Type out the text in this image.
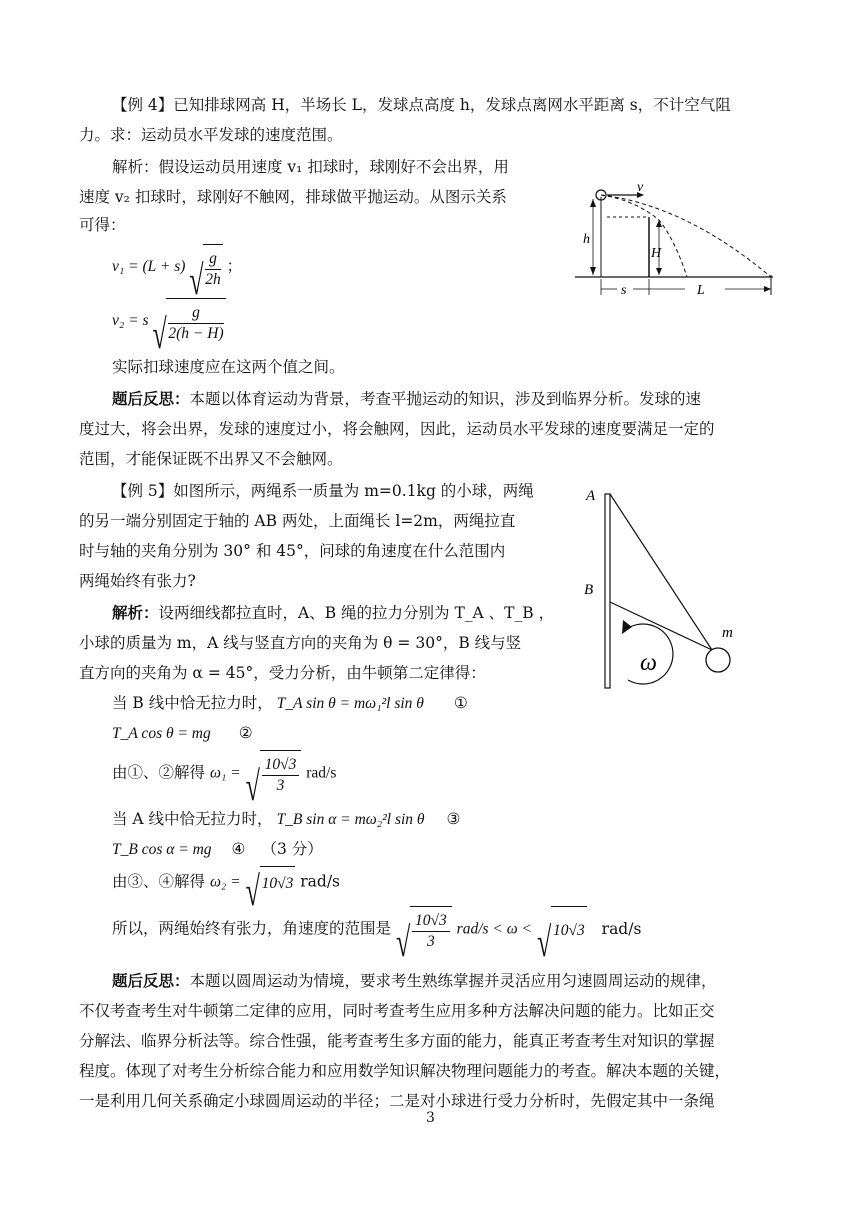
【例 4】已知排球网高 H，半场长 L，发球点高度 h，发球点离网水平距离 s，不计空气阻
力。求：运动员水平发球的速度范围。
解析：假设运动员用速度 v₁ 扣球时，球刚好不会出界，用
速度 v₂ 扣球时，球刚好不触网，排球做平抛运动。从图示关系
可得：
v₁ = (L + s) √ $\frac{g}{2h}$ ；
v₂ = s √ $\frac{g}{2(h - H)}$
实际扣球速度应在这两个值之间。
题后反思：本题以体育运动为背景，考查平抛运动的知识，涉及到临界分析。发球的速
度过大，将会出界，发球的速度过小，将会触网，因此，运动员水平发球的速度要满足一定的
范围，才能保证既不出界又不会触网。
v
h
H
s	L
【例 5】如图所示，两绳系一质量为 m=0.1kg 的小球，两绳
的另一端分别固定于轴的 AB 两处，上面绳长 l=2m，两绳拉直
时与轴的夹角分别为 30° 和 45°，问球的角速度在什么范围内
两绳始终有张力?
解析：设两细线都拉直时，A、B 绳的拉力分别为 T_A 、T_B ，
小球的质量为 m，A 线与竖直方向的夹角为 θ = 30°，B 线与竖
直方向的夹角为 α = 45°，受力分析，由牛顿第二定律得：
当 B 线中恰无拉力时， T_A sin θ = mω₁²l sin θ ①
T_A cos θ = mg ②
由①、②解得 ω₁ = √ $\frac{10√3}{3} rad/s$
当 A 线中恰无拉力时， T_B sin α = mω₂²l sin θ ③
T_B cos α = mg ④ （3 分）
由③、④解得 ω₂ = √ 10√3 rad/s
所以，两绳始终有张力，角速度的范围是 √ $\frac{10√3}{3} rad/s < \omega$ < √ 10√3 rad/s
题后反思：本题以圆周运动为情境，要求考生熟练掌握并灵活应用匀速圆周运动的规律，
不仅考查考生对牛顿第二定律的应用，同时考查考生应用多种方法解决问题的能力。比如正交
分解法、临界分析法等。综合性强，能考查考生多方面的能力，能真正考查考生对知识的掌握
程度。体现了对考生分析综合能力和应用数学知识解决物理问题能力的考查。解决本题的关键，
一是利用几何关系确定小球圆周运动的半径；二是对小球进行受力分析时，先假定其中一条绳
A
B
m
ω
3
